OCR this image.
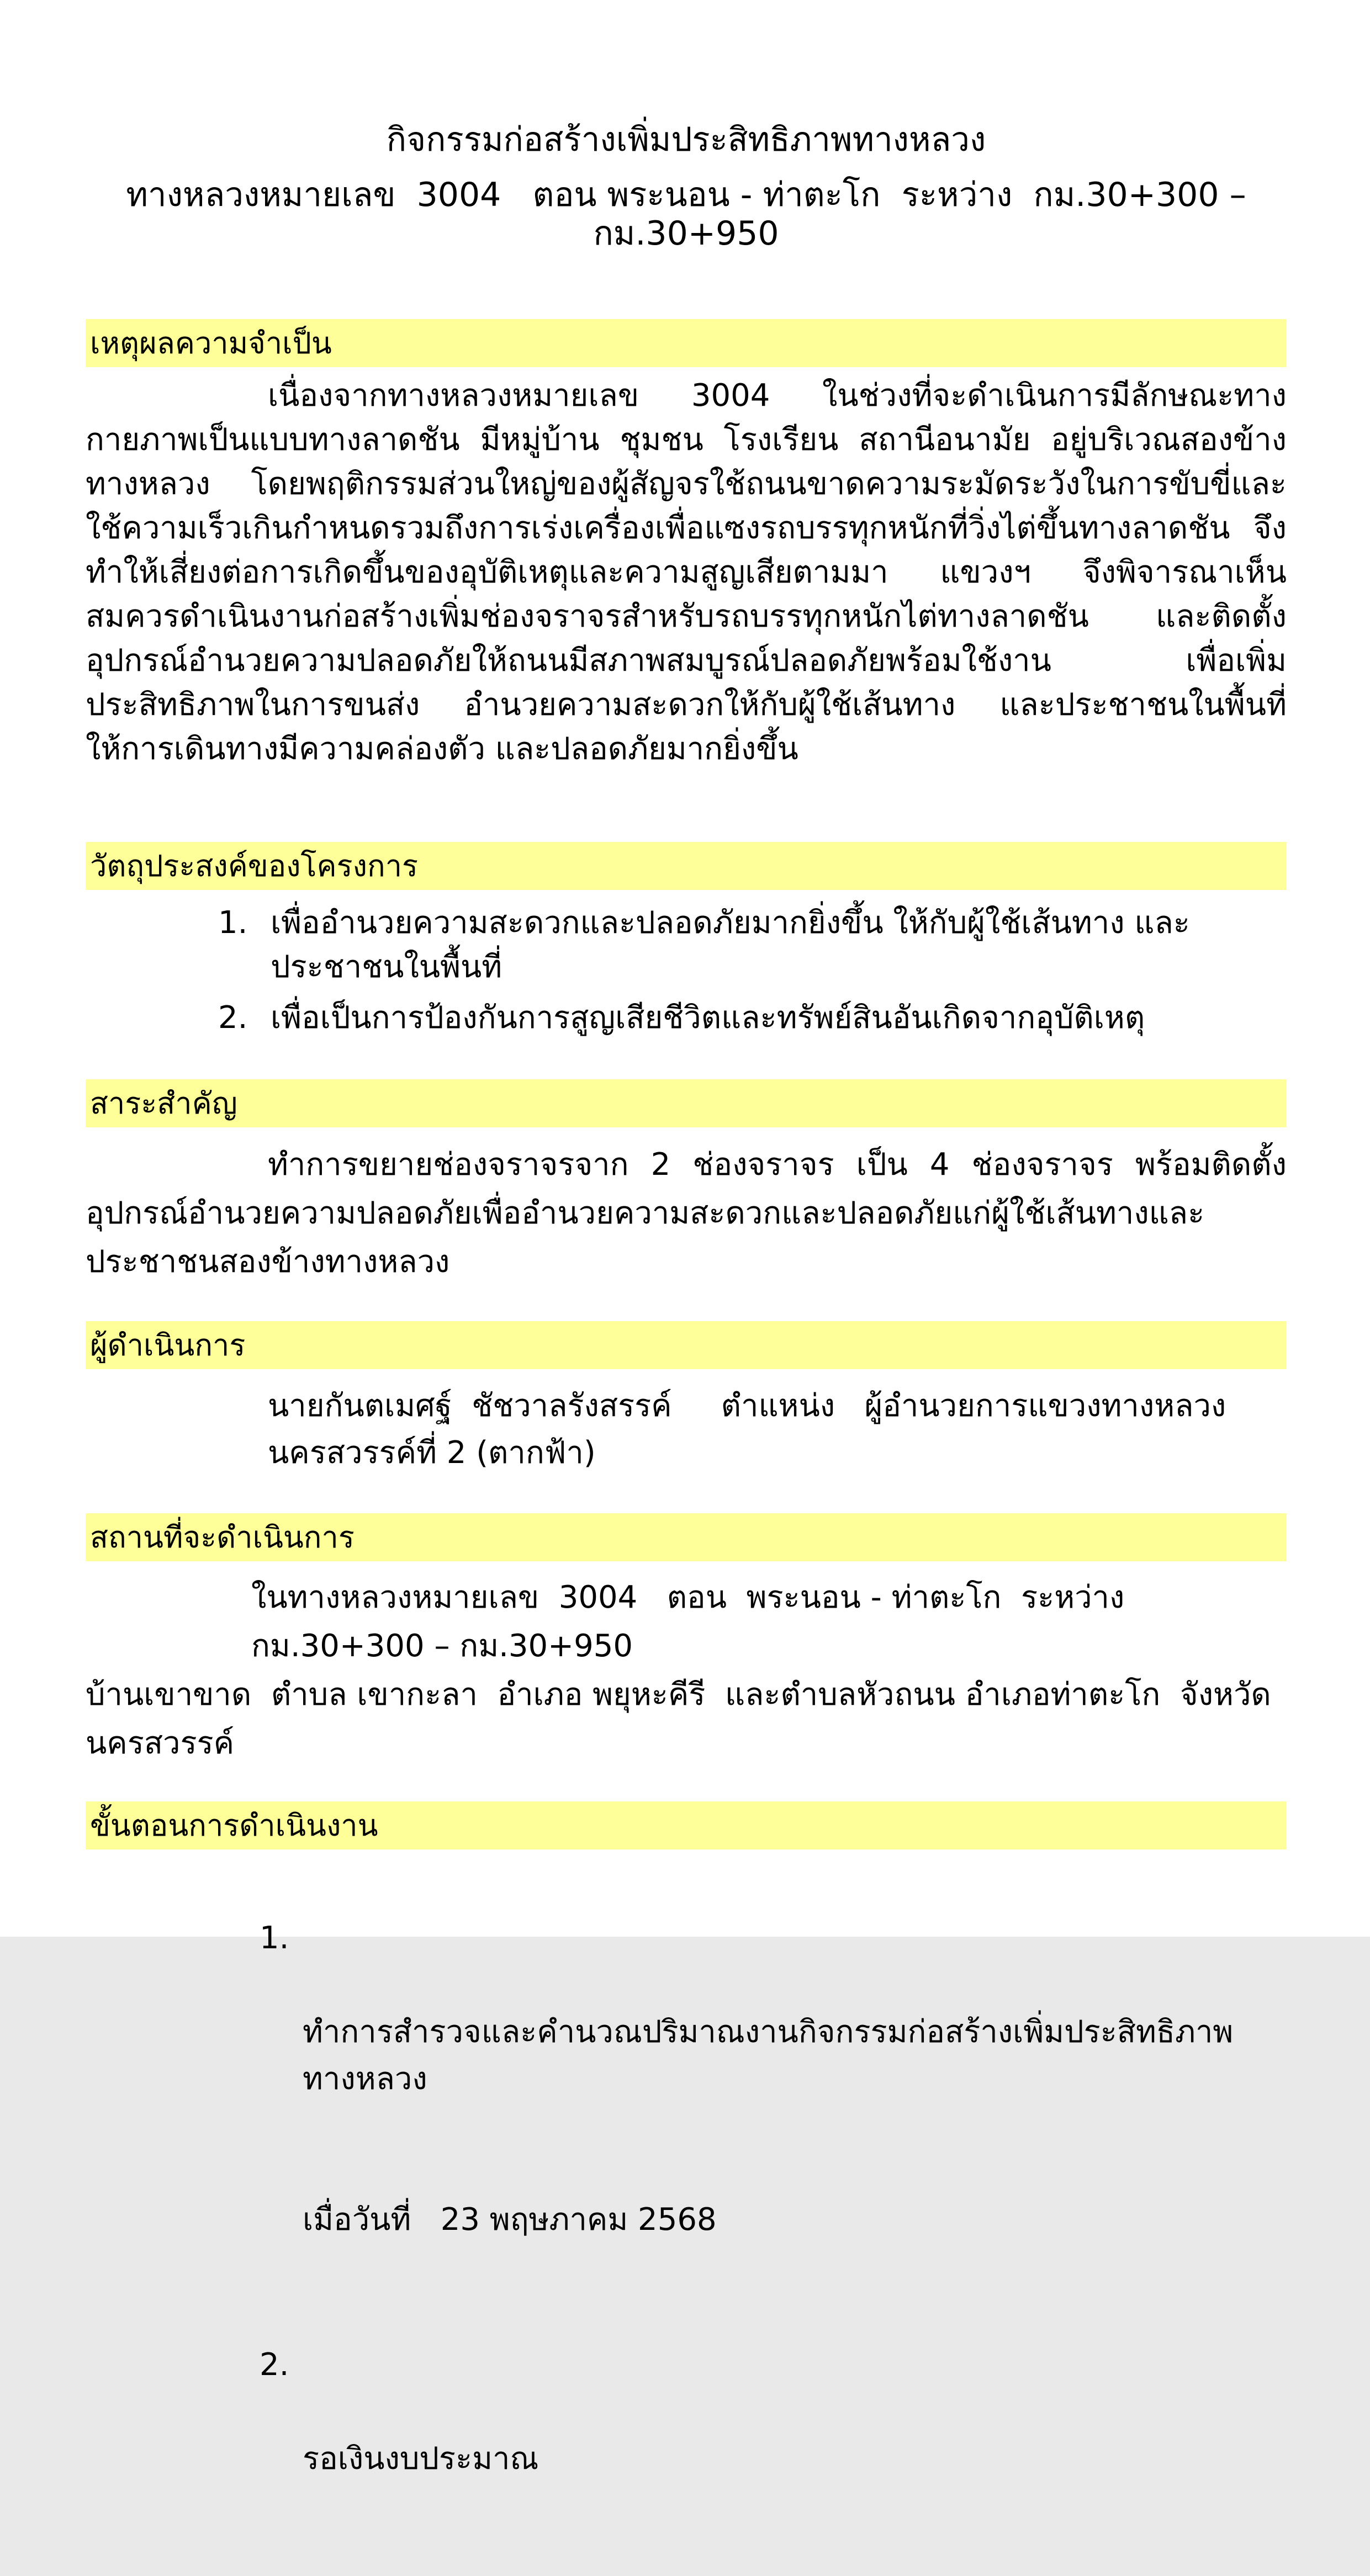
กิจกรรมก่อสร้างเพิ่มประสิทธิภาพทางหลวง
ทางหลวงหมายเลข  3004   ตอน พระนอน - ท่าตะโก  ระหว่าง  กม.30+300 – กม.30+950
เหตุผลความจำเป็น

เนื่องจากทางหลวงหมายเลข 3004 ในช่วงที่จะดำเนินการมีลักษณะทางกายภาพเป็นแบบทางลาดชัน มีหมู่บ้าน ชุมชน โรงเรียน สถานีอนามัย อยู่บริเวณสองข้างทางหลวง โดยพฤติกรรมส่วนใหญ่ของผู้สัญจรใช้ถนนขาดความระมัดระวังในการขับขี่และใช้ความเร็วเกินกำหนดรวมถึงการเร่งเครื่องเพื่อแซงรถบรรทุกหนักที่วิ่งไต่ขึ้นทางลาดชัน จึงทำให้เสี่ยงต่อการเกิดขึ้นของอุบัติเหตุและความสูญเสียตามมา แขวงฯ จึงพิจารณาเห็นสมควรดำเนินงานก่อสร้างเพิ่มช่องจราจรสำหรับรถบรรทุกหนักไต่ทางลาดชัน และติดตั้งอุปกรณ์อำนวยความปลอดภัยให้ถนนมีสภาพสมบูรณ์ปลอดภัยพร้อมใช้งาน เพื่อเพิ่มประสิทธิภาพในการขนส่ง อำนวยความสะดวกให้กับผู้ใช้เส้นทาง และประชาชนในพื้นที่ ให้การเดินทางมีความคล่องตัว และปลอดภัยมากยิ่งขึ้น

วัตถุประสงค์ของโครงการ
1. เพื่ออำนวยความสะดวกและปลอดภัยมากยิ่งขึ้น ให้กับผู้ใช้เส้นทาง และประชาชนในพื้นที่
2. เพื่อเป็นการป้องกันการสูญเสียชีวิตและทรัพย์สินอันเกิดจากอุบัติเหตุ
สาระสำคัญ

ทำการขยายช่องจราจรจาก 2 ช่องจราจร เป็น 4 ช่องจราจร พร้อมติดตั้งอุปกรณ์อำนวยความปลอดภัยเพื่ออำนวยความสะดวกและปลอดภัยแก่ผู้ใช้เส้นทางและประชาชนสองข้างทางหลวง

ผู้ดำเนินการ
นายกันตเมศฐ์  ชัชวาลรังสรรค์     ตำแหน่ง   ผู้อำนวยการแขวงทางหลวงนครสวรรค์ที่ 2 (ตากฟ้า)
สถานที่จะดำเนินการ
ในทางหลวงหมายเลข  3004   ตอน  พระนอน - ท่าตะโก  ระหว่าง  กม.30+300 – กม.30+950
บ้านเขาขาด  ตำบล เขากะลา  อำเภอ พยุหะคีรี  และตำบลหัวถนน อำเภอท่าตะโก  จังหวัด นครสวรรค์
ขั้นตอนการดำเนินงาน
1.

ทำการสำรวจและคำนวณปริมาณงานกิจกรรมก่อสร้างเพิ่มประสิทธิภาพทางหลวง

เมื่อวันที่   23 พฤษภาคม 2568

2.

รอเงินงบประมาณ
